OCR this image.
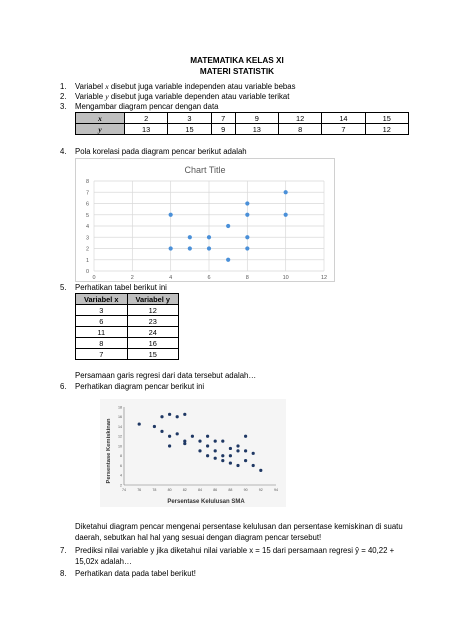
MATEMATIKA KELAS XI
MATERI STATISTIK
1. Variabel x disebut juga variable independen atau variable bebas
2. Variable y disebut juga variable dependen atau variable terikat
3. Mengambar diagram pencar dengan data
x	2	3	7	9	12	14	15
y	13	15	9	13	8	7	12
4. Pola korelasi pada diagram pencar berikut adalah
Chart Title
0
1
2
3
4
5
6
7
8
0	2	4	6	8	10	12
5. Perhatikan tabel berikut ini
Variabel x	Variabel y
3	12
6	23
11	24
8	16
7	15
Persamaan garis regresi dari data tersebut adalah…
6. Perhatikan diagram pencar berikut ini
Persentase Kelulusan SMA
Persentase Kemiskinan
74	76	78	80	82	84	86	88	90	92	94
2
4
6
8
10
12
14
16
18
Diketahui diagram pencar mengenai persentase kelulusan dan persentase kemiskinan di suatu
daerah, sebutkan hal hal yang sesuai dengan diagram pencar tersebut!
7. Prediksi nilai variable y jika diketahui nilai variable x = 15 dari persamaan regresi ŷ = 40,22 +
15,02x adalah…
8. Perhatikan data pada tabel berikut!
